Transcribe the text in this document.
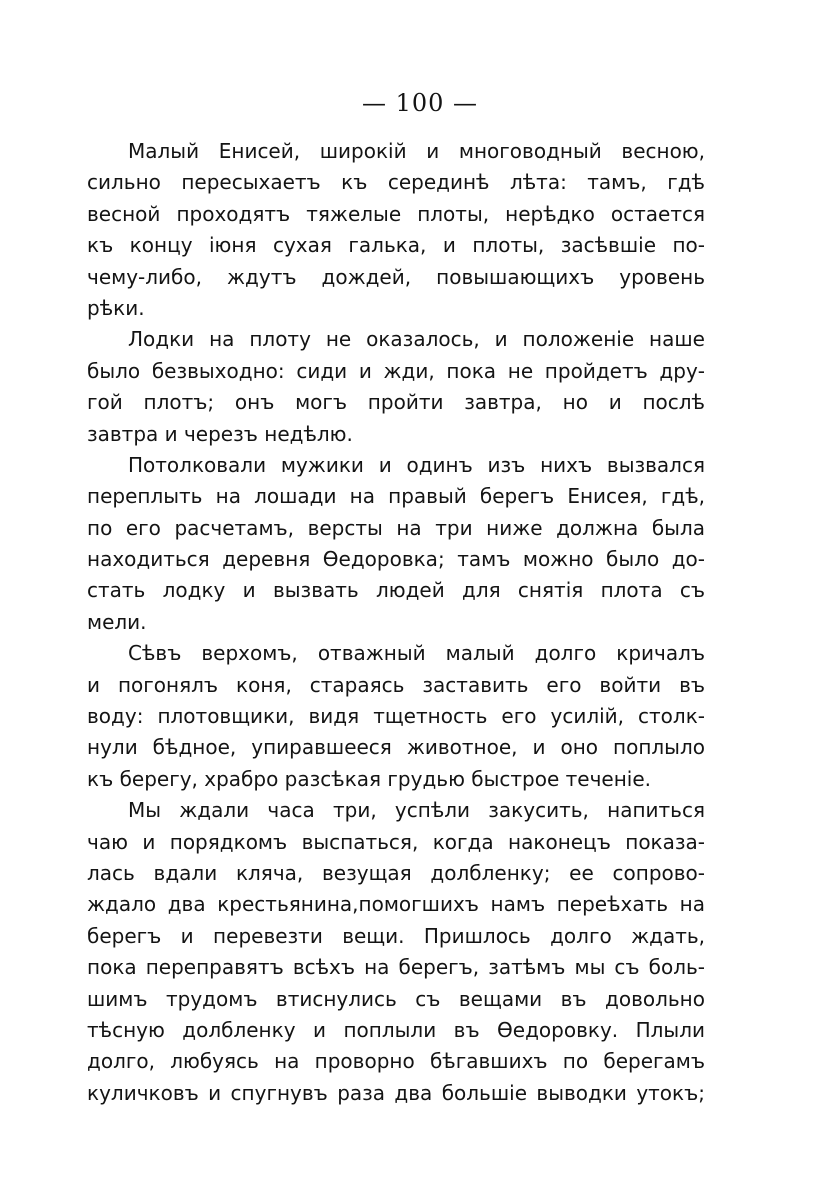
— 100 —
Малый Енисей, широкій и многоводный весною,
сильно пересыхаетъ къ серединѣ лѣта: тамъ, гдѣ
весной проходятъ тяжелые плоты, нерѣдко остается
къ концу іюня сухая галька, и плоты, засѣвшіе по-
чему-либо, ждутъ дождей, повышающихъ уровень
рѣки.
Лодки на плоту не оказалось, и положеніе наше
было безвыходно: сиди и жди, пока не пройдетъ дру-
гой плотъ; онъ могъ пройти завтра, но и послѣ
завтра и черезъ недѣлю.
Потолковали мужики и одинъ изъ нихъ вызвался
переплыть на лошади на правый берегъ Енисея, гдѣ,
по его расчетамъ, версты на три ниже должна была
находиться деревня Ѳедоровка; тамъ можно было до-
стать лодку и вызвать людей для снятія плота съ
мели.
Сѣвъ верхомъ, отважный малый долго кричалъ
и погонялъ коня, стараясь заставить его войти въ
воду: плотовщики, видя тщетность его усилій, столк-
нули бѣдное, упиравшееся животное, и оно поплыло
къ берегу, храбро разсѣкая грудью быстрое теченіе.
Мы ждали часа три, успѣли закусить, напиться
чаю и порядкомъ выспаться, когда наконецъ показа-
лась вдали кляча, везущая долбленку; ее сопрово-
ждало два крестьянина,помогшихъ намъ переѣхать на
берегъ и перевезти вещи. Пришлось долго ждать,
пока переправятъ всѣхъ на берегъ, затѣмъ мы съ боль-
шимъ трудомъ втиснулись съ вещами въ довольно
тѣсную долбленку и поплыли въ Ѳедоровку. Плыли
долго, любуясь на проворно бѣгавшихъ по берегамъ
куличковъ и спугнувъ раза два большіе выводки утокъ;
